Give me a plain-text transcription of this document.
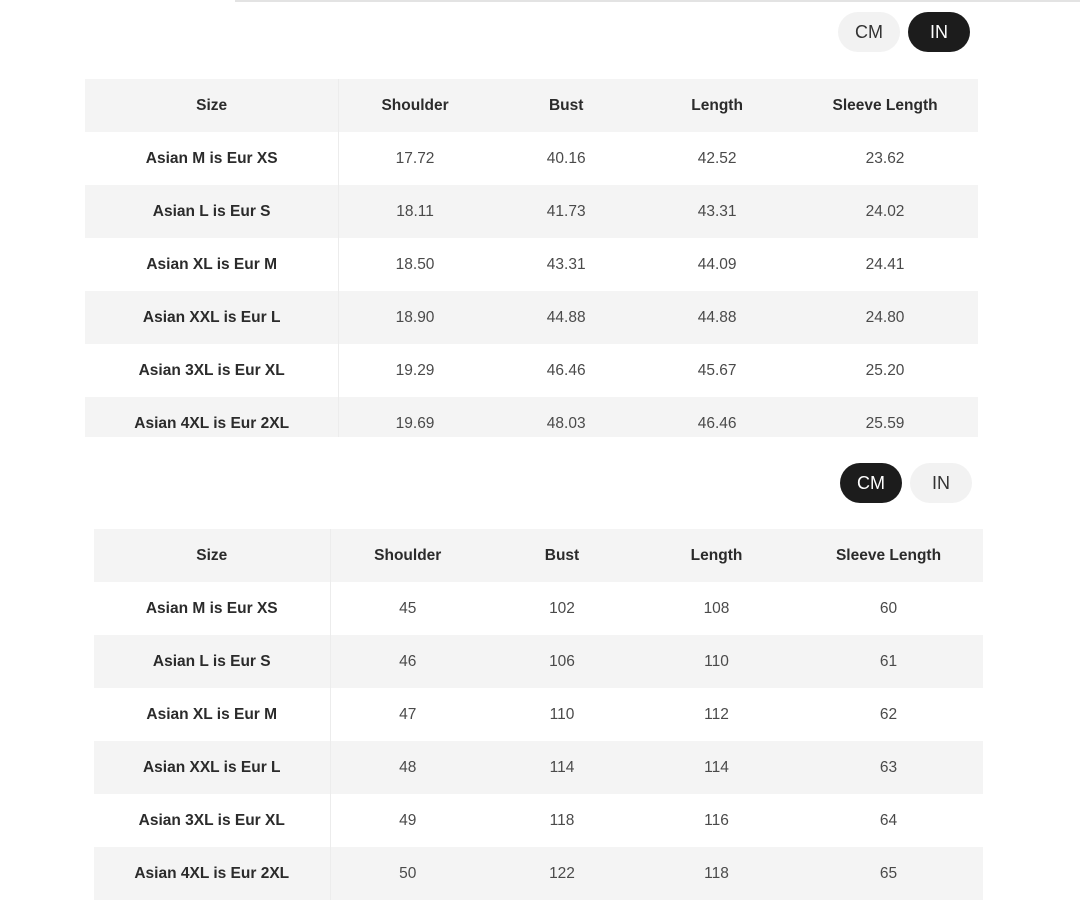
CM	IN
Size	Shoulder	Bust	Length	Sleeve Length
Asian M is Eur XS	17.72	40.16	42.52	23.62
Asian L is Eur S	18.11	41.73	43.31	24.02
Asian XL is Eur M	18.50	43.31	44.09	24.41
Asian XXL is Eur L	18.90	44.88	44.88	24.80
Asian 3XL is Eur XL	19.29	46.46	45.67	25.20
Asian 4XL is Eur 2XL	19.69	48.03	46.46	25.59
CM	IN
Size	Shoulder	Bust	Length	Sleeve Length
Asian M is Eur XS	45	102	108	60
Asian L is Eur S	46	106	110	61
Asian XL is Eur M	47	110	112	62
Asian XXL is Eur L	48	114	114	63
Asian 3XL is Eur XL	49	118	116	64
Asian 4XL is Eur 2XL	50	122	118	65
